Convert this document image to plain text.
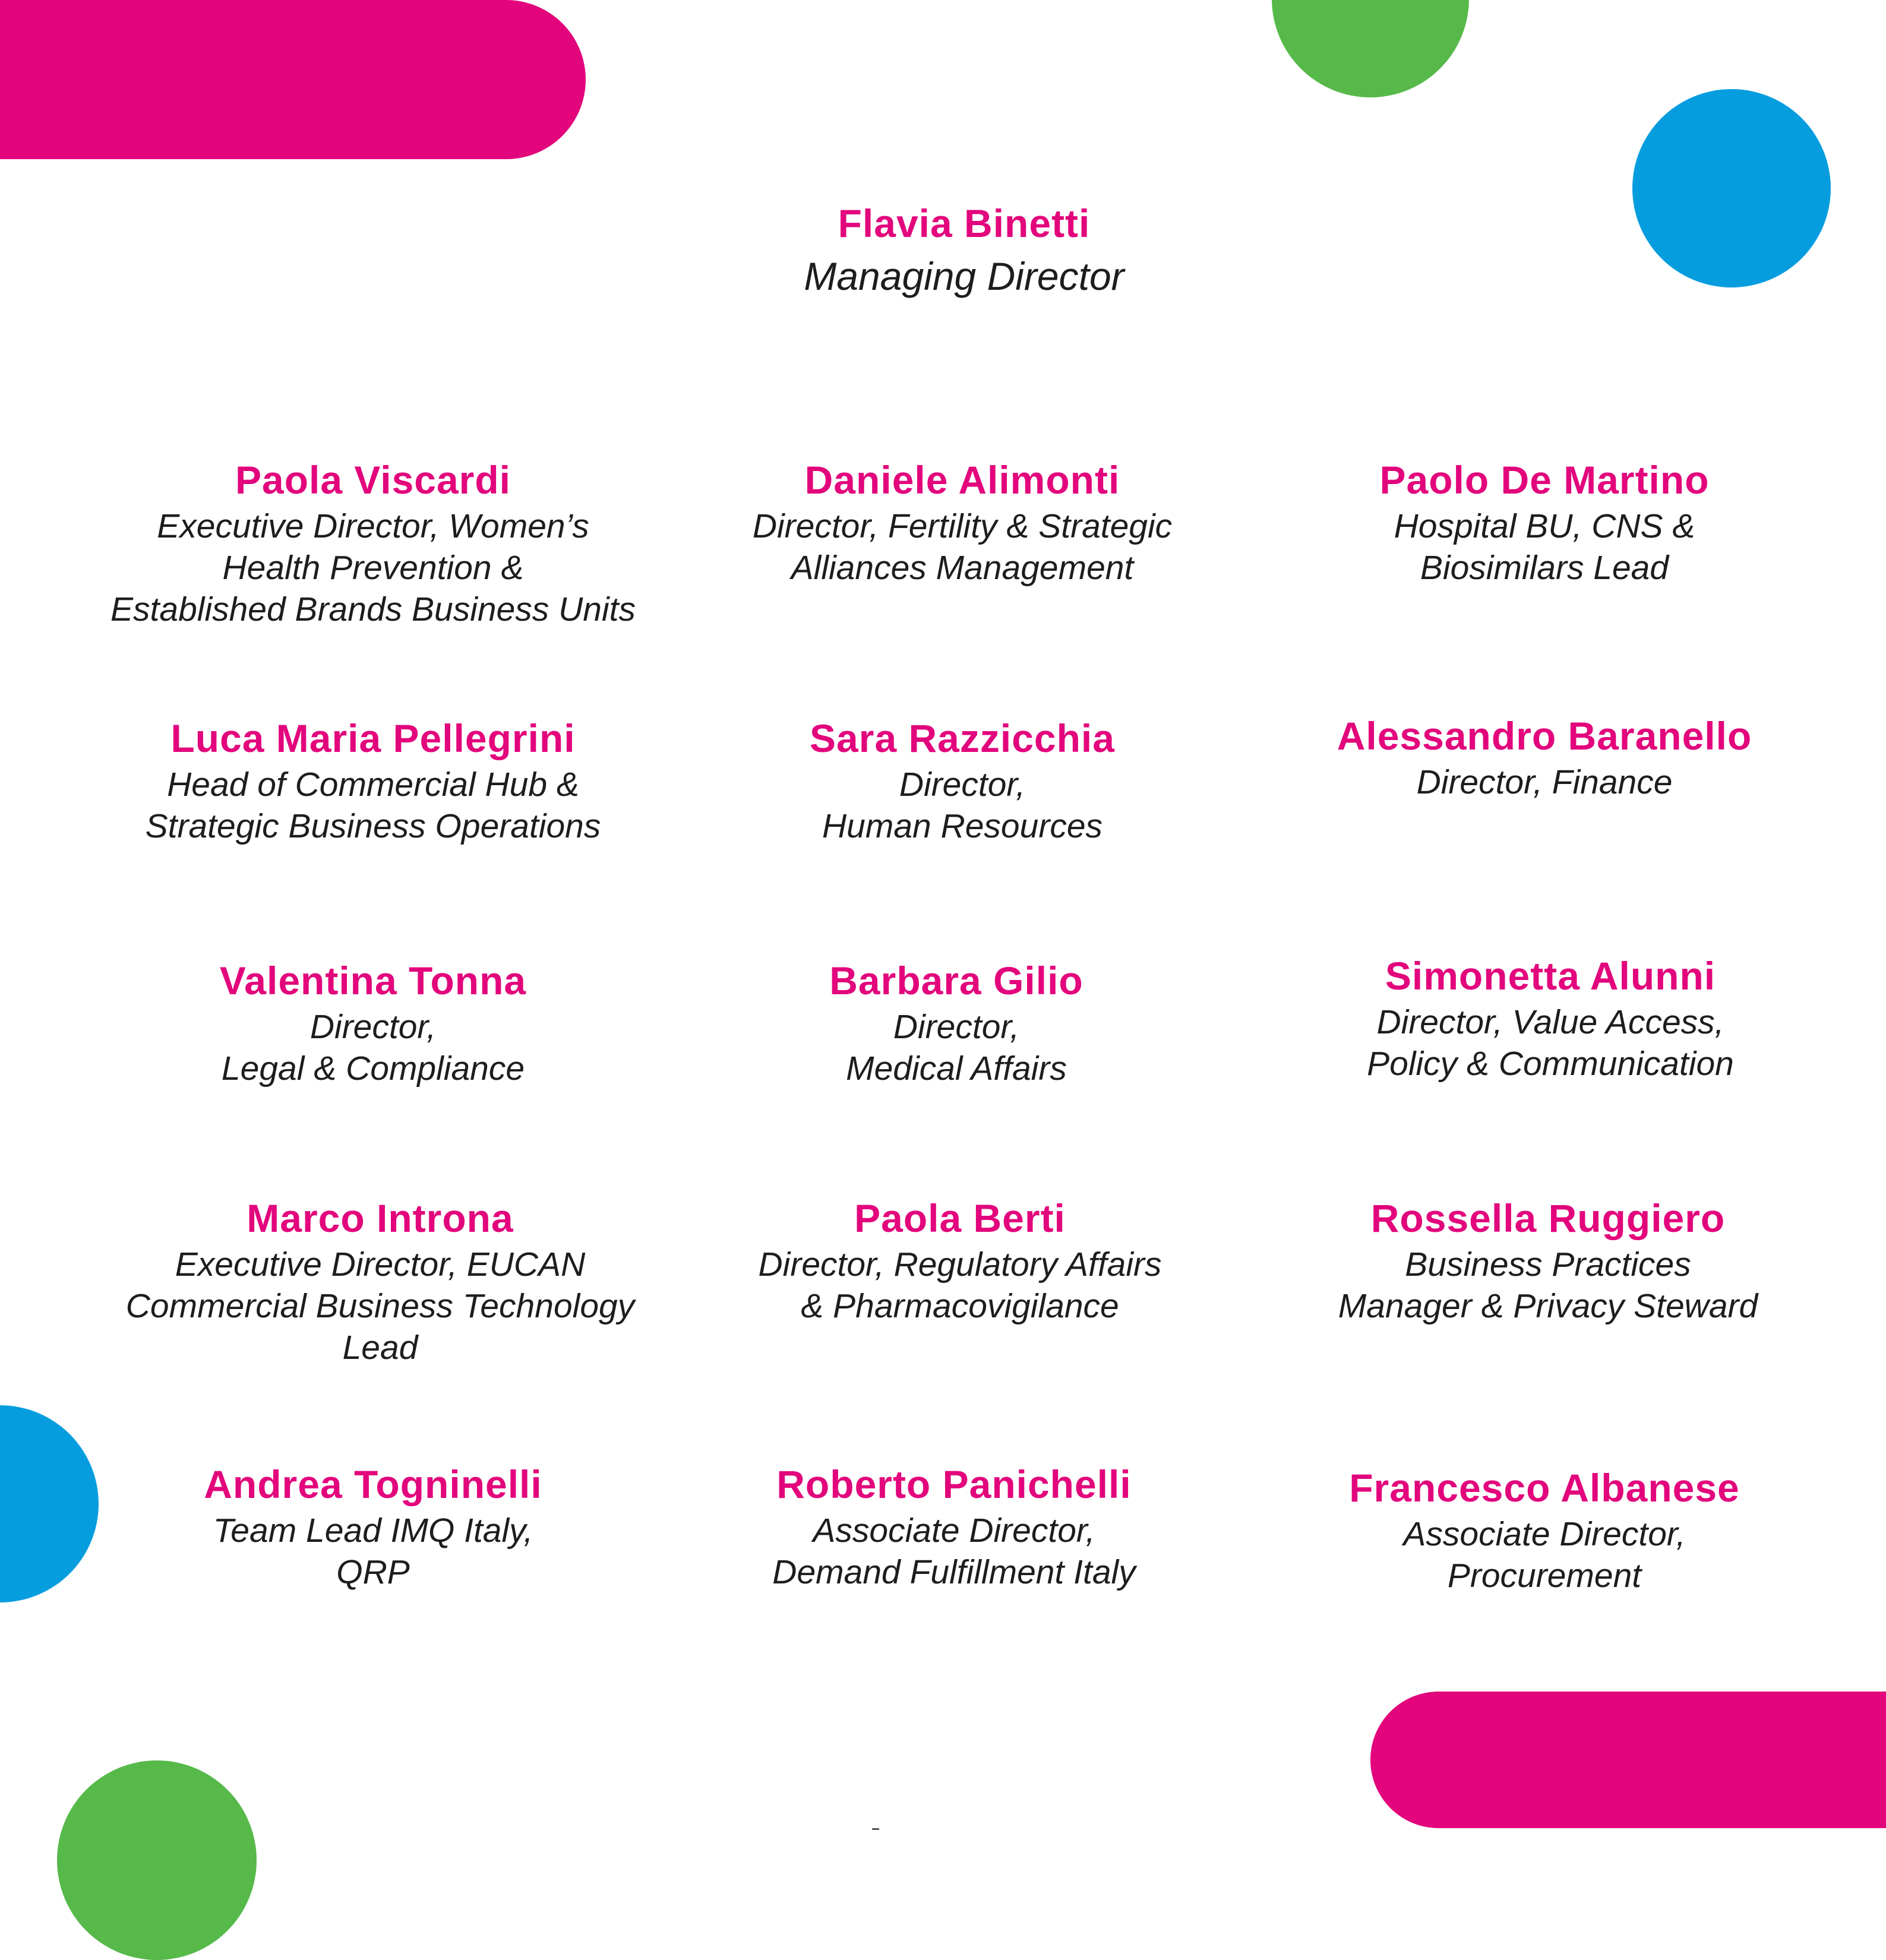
Flavia Binetti
Managing Director
Paola Viscardi
Executive Director, Women’s
Health Prevention &
Established Brands Business Units
Daniele Alimonti
Director, Fertility & Strategic
Alliances Management
Paolo De Martino
Hospital BU, CNS &
Biosimilars Lead
Luca Maria Pellegrini
Head of Commercial Hub &
Strategic Business Operations
Sara Razzicchia
Director,
Human Resources
Alessandro Baranello
Director, Finance
Valentina Tonna
Director,
Legal & Compliance
Barbara Gilio
Director,
Medical Affairs
Simonetta Alunni
Director, Value Access,
Policy & Communication
Marco Introna
Executive Director, EUCAN
Commercial Business Technology
Lead
Paola Berti
Director, Regulatory Affairs
& Pharmacovigilance
Rossella Ruggiero
Business Practices
Manager & Privacy Steward
Andrea Togninelli
Team Lead IMQ Italy,
QRP
Roberto Panichelli
Associate Director,
Demand Fulfillment Italy
Francesco Albanese
Associate Director,
Procurement
